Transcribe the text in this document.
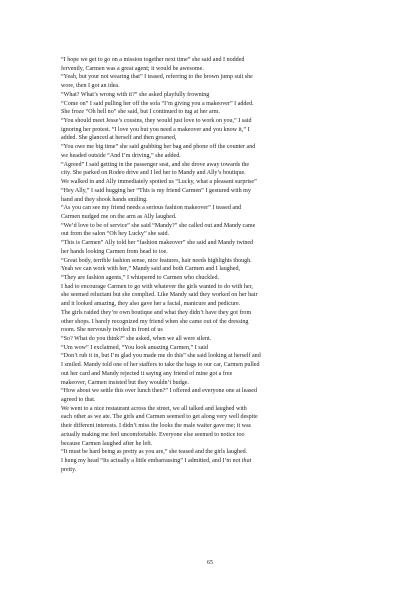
“I hope we get to go on a mission together next time” she said and I nodded

fervently, Carmen was a great agent; it would be awesome.

“Yeah, but your not wearing that” I teased, referring to the brown jump suit she

wore, then I got an idea.

“What? What’s wrong with it?” she asked playfully frowning

“Come on” I said pulling her off the sofa “I’m giving you a makeover” I added.

She froze “Oh hell no” she said, but I continued to tug at her arm.

“You should meet Jesse’s cousins, they would just love to work on you,” I said

ignoring her protest. “I love you but you need a makeover and you know it,” I

added. She glanced at herself and then groaned,

“You owe me big time” she said grabbing her bag and phone off the counter and

we headed outside “And I’m driving,” she added.

“Agreed” I said getting in the passenger seat, and she drove away towards the

city. She parked on Rodeo drive and I led her to Mandy and Ally’s boutique.

We walked in and Ally immediately spotted us “Lucky, what a pleasant surprise”

“Hey Ally,” I said hugging her “This is my friend Carmen” I gestured with my

hand and they shook hands smiling.

“As you can see my friend needs a serious fashion makeover” I teased and

Carmen nudged me on the arm as Ally laughed.

“We’d love to be of service” she said “Mandy?” she called out and Mandy came

out from the salon “Oh hey Lucky” she said.

“This is Carmen” Ally told her “fashion makeover” she said and Mandy twined

her hands looking Carmen from head to toe.

“Great body, terrible fashion sense, nice features, hair needs highlights though.

Yeah we can work with her,” Mandy said and both Carmen and I laughed,

“They are fashion agents,” I whispered to Carmen who chuckled.

I had to encourage Carmen to go with whatever the girls wanted to do with her,

she seemed reluctant but she complied. Like Mandy said they worked on her hair

and it looked amazing, they also gave her a facial, manicure and pedicure.

The girls raided they’re own boutique and what they didn’t have they got from

other shops. I barely recognized my friend when she came out of the dressing

room. She nervously twirled in front of us

“So? What do you think?” she asked, when we all were silent.

“Um wow” I exclaimed, “You look amazing Carmen,” I said

“Don’t rub it in, but I’m glad you made me do this” she said looking at herself and

I smiled. Mandy told one of her staffers to take the bags to our car, Carmen pulled

out her card and Mandy rejected it saying any friend of mine got a free

makeover, Carmen insisted but they wouldn’t budge.

“How about we settle this over lunch then?” I offered and everyone one at leased

agreed to that.

We went to a nice restaurant across the street, we all talked and laughed with

each other as we ate. The girls and Carmen seemed to get along very well despite

their different interests. I didn’t miss the looks the male waiter gave me; it was

actually making me feel uncomfortable. Everyone else seemed to notice too

because Carmen laughed after he left.

“It must be hard being as pretty as you are,” she teased and the girls laughed.

I hung my head “Its actually a little embarrassing” I admitted, and I’m not that

pretty.

65
